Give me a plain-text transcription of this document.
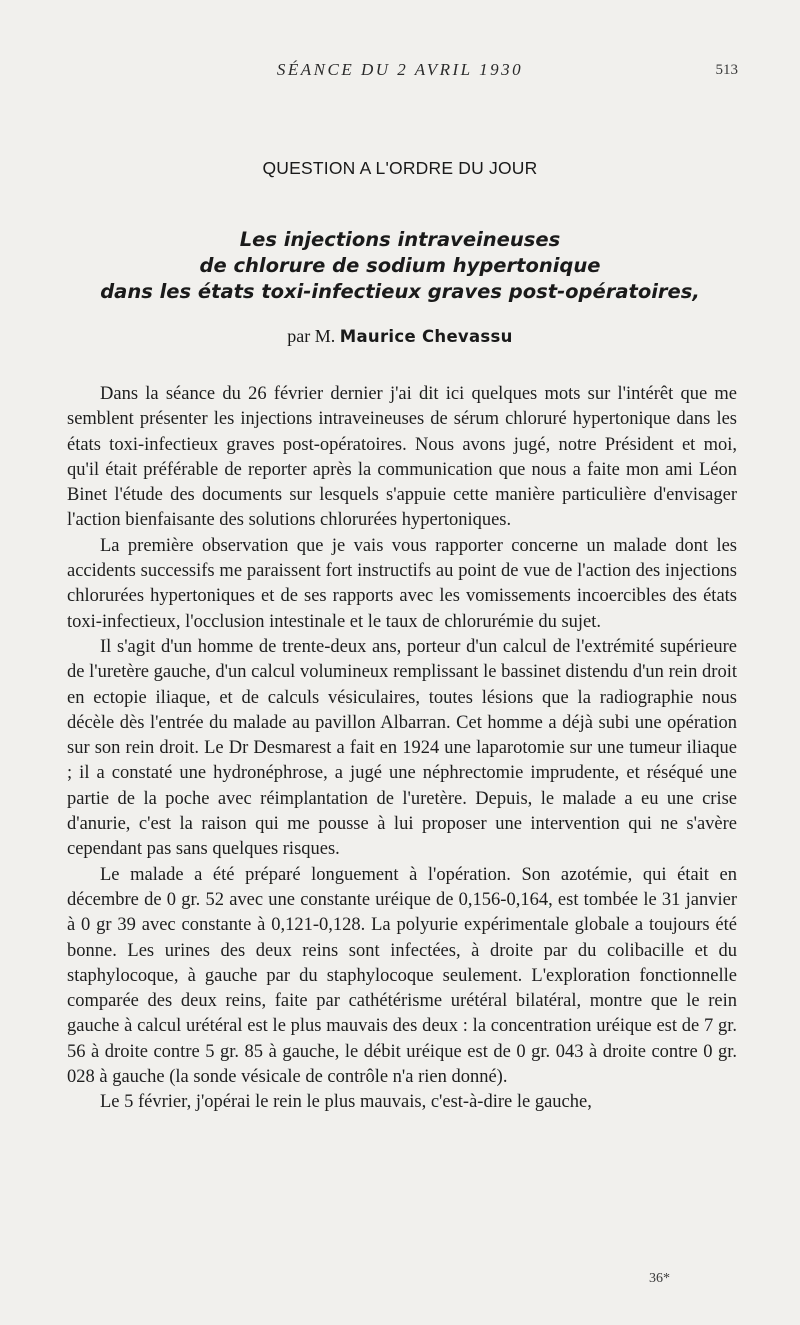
SÉANCE DU 2 AVRIL 1930	513
QUESTION A L'ORDRE DU JOUR
Les injections intraveineuses
de chlorure de sodium hypertonique
dans les états toxi-infectieux graves post-opératoires,
par M. Maurice Chevassu

Dans la séance du 26 février dernier j'ai dit ici quelques mots sur l'intérêt que me semblent présenter les injections intraveineuses de sérum chloruré hypertonique dans les états toxi-infectieux graves post-opératoires. Nous avons jugé, notre Président et moi, qu'il était préférable de reporter après la communication que nous a faite mon ami Léon Binet l'étude des documents sur lesquels s'appuie cette manière particulière d'envisager l'action bienfaisante des solutions chlorurées hypertoniques.

La première observation que je vais vous rapporter concerne un malade dont les accidents successifs me paraissent fort instructifs au point de vue de l'action des injections chlorurées hypertoniques et de ses rapports avec les vomissements incoercibles des états toxi-infectieux, l'occlusion intestinale et le taux de chlorurémie du sujet.

Il s'agit d'un homme de trente-deux ans, porteur d'un calcul de l'extrémité supérieure de l'uretère gauche, d'un calcul volumineux remplissant le bassinet distendu d'un rein droit en ectopie iliaque, et de calculs vésiculaires, toutes lésions que la radiographie nous décèle dès l'entrée du malade au pavillon Albarran. Cet homme a déjà subi une opération sur son rein droit. Le Dr Desmarest a fait en 1924 une laparotomie sur une tumeur iliaque ; il a constaté une hydronéphrose, a jugé une néphrectomie imprudente, et réséqué une partie de la poche avec réimplantation de l'uretère. Depuis, le malade a eu une crise d'anurie, c'est la raison qui me pousse à lui proposer une intervention qui ne s'avère cependant pas sans quelques risques.

Le malade a été préparé longuement à l'opération. Son azotémie, qui était en décembre de 0 gr. 52 avec une constante uréique de 0,156-0,164, est tombée le 31 janvier à 0 gr 39 avec constante à 0,121-0,128. La polyurie expérimentale globale a toujours été bonne. Les urines des deux reins sont infectées, à droite par du colibacille et du staphylocoque, à gauche par du staphylocoque seulement. L'exploration fonctionnelle comparée des deux reins, faite par cathétérisme urétéral bilatéral, montre que le rein gauche à calcul urétéral est le plus mauvais des deux : la concentration uréique est de 7 gr. 56 à droite contre 5 gr. 85 à gauche, le débit uréique est de 0 gr. 043 à droite contre 0 gr. 028 à gauche (la sonde vésicale de contrôle n'a rien donné).

Le 5 février, j'opérai le rein le plus mauvais, c'est-à-dire le gauche,

36*
